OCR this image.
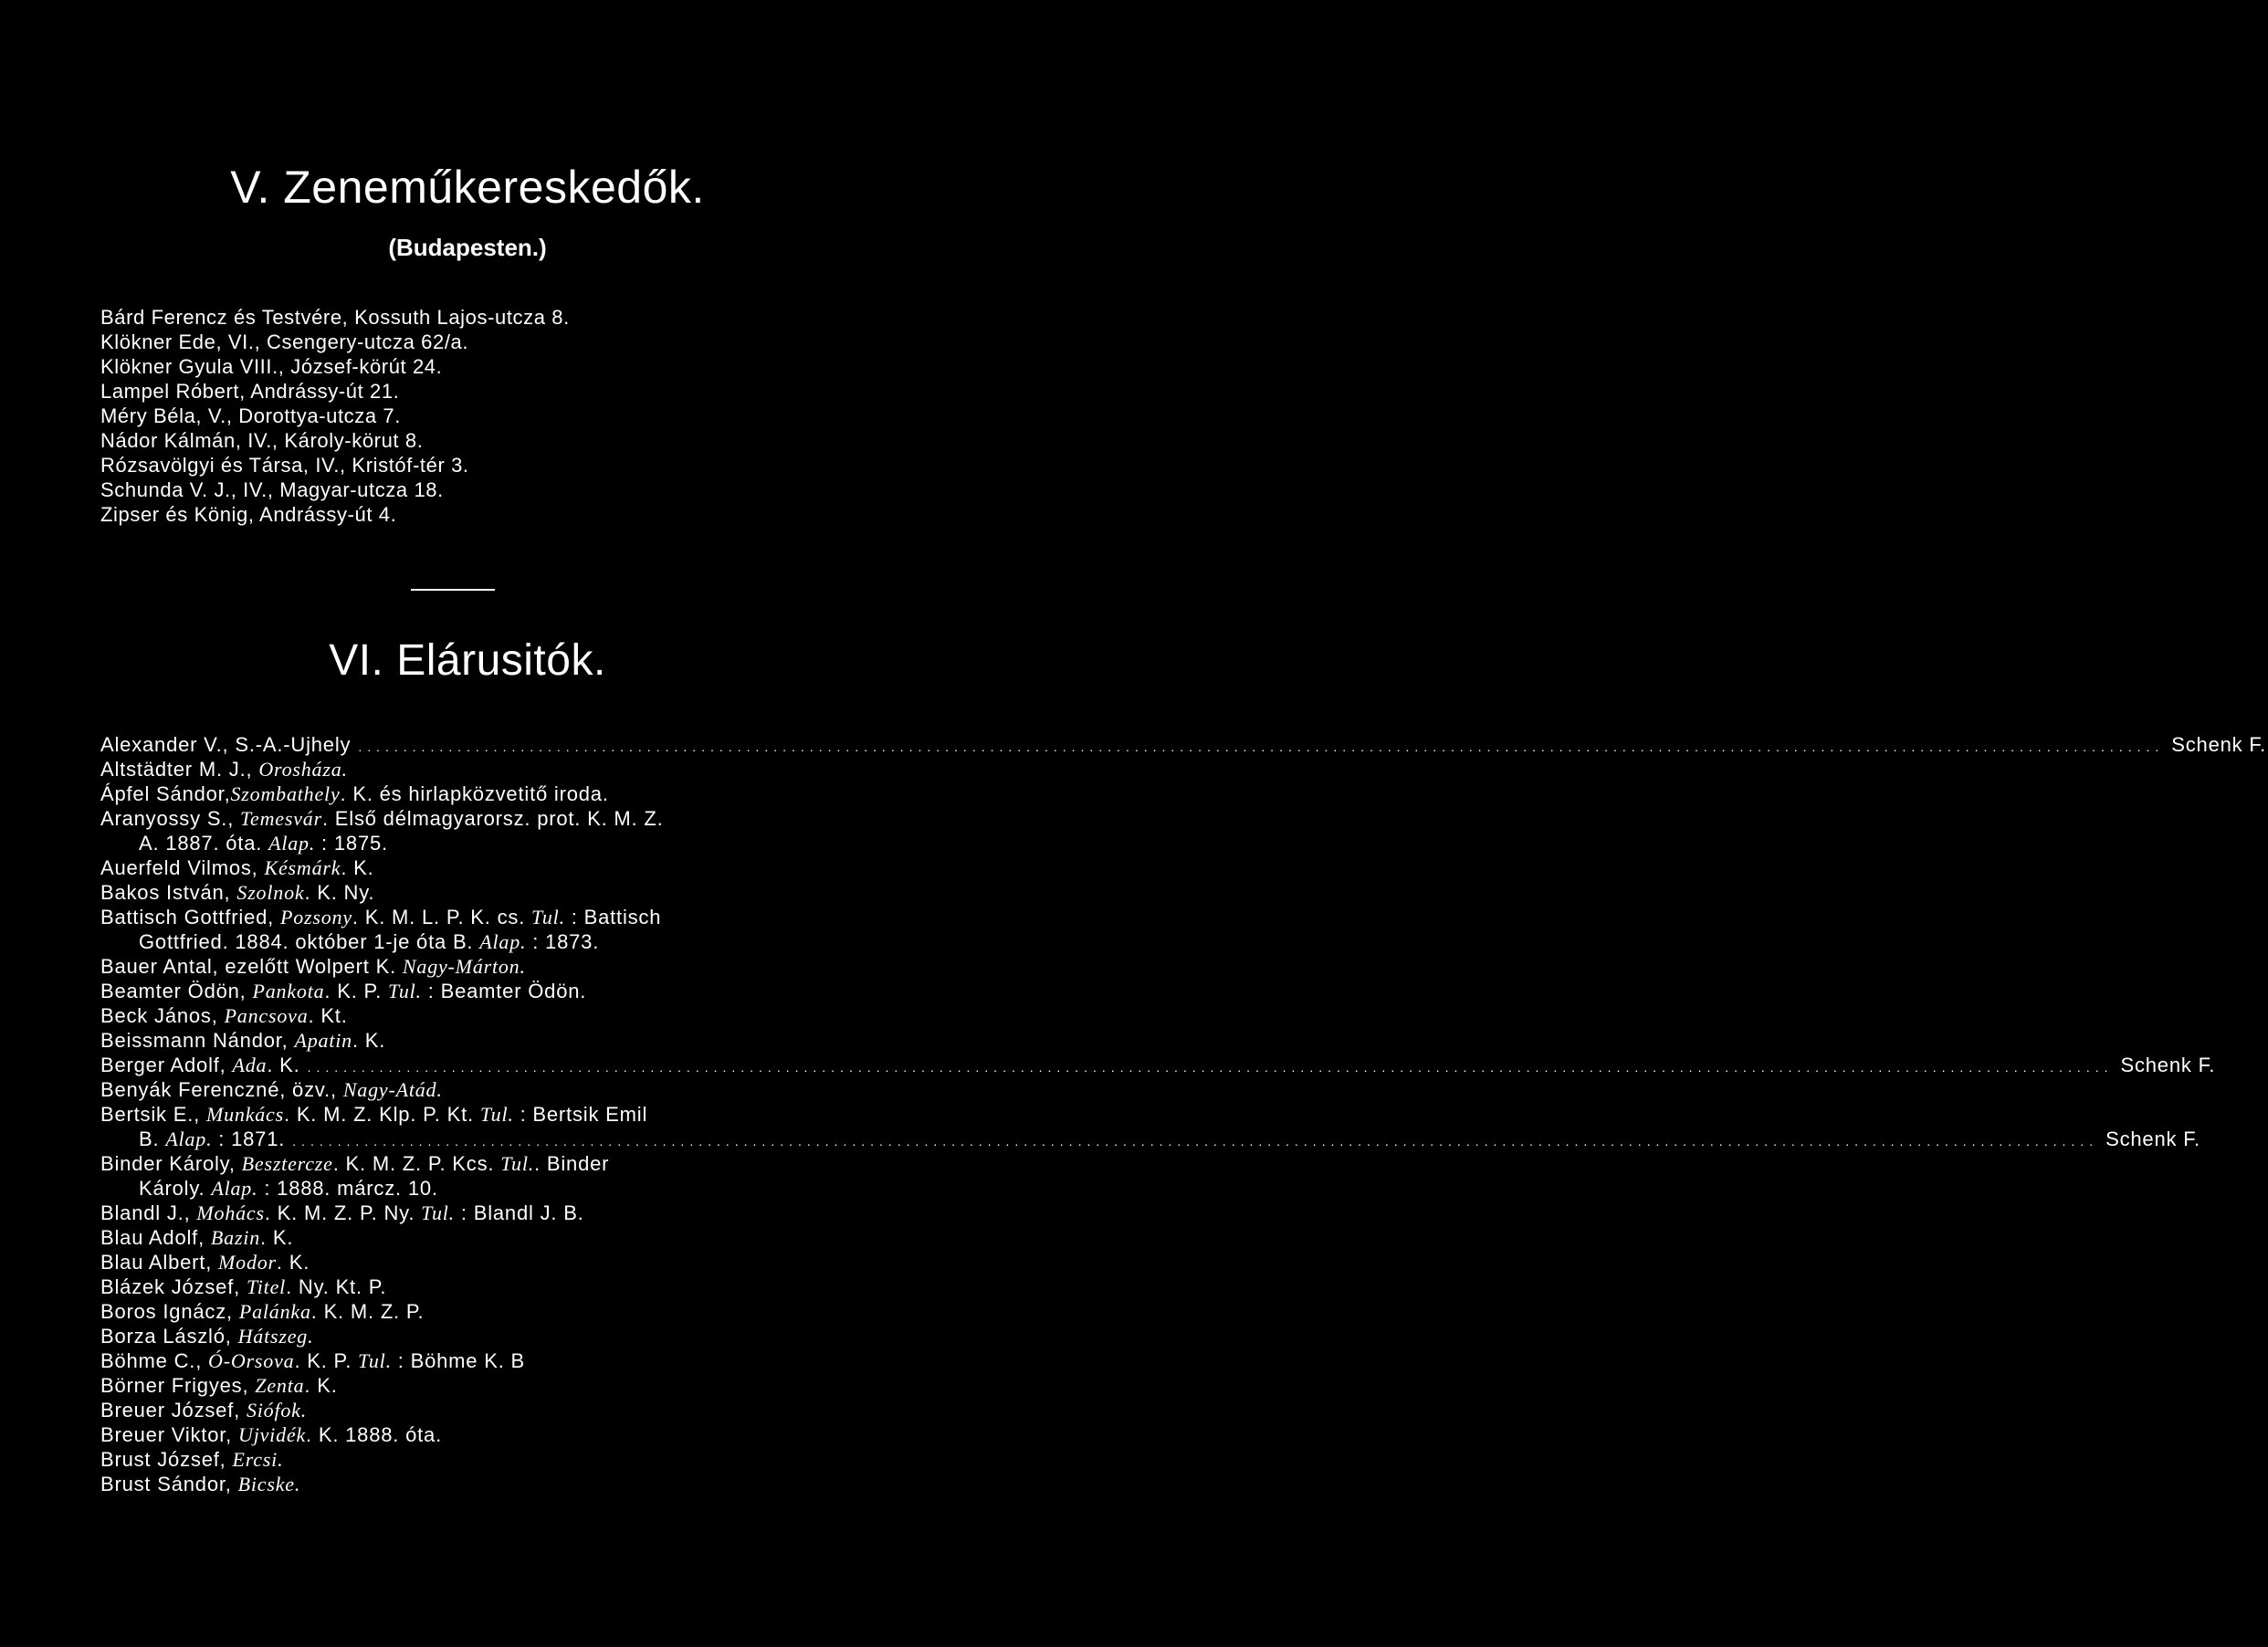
V. Zeneműkereskedők.
(Budapesten.)
Bárd Ferencz és Testvére, Kossuth Lajos-utcza 8.
Klökner Ede, VI., Csengery-utcza 62/a.
Klökner Gyula VIII., József-körút 24.
Lampel Róbert, Andrássy-út 21.
Méry Béla, V., Dorottya-utcza 7.
Nádor Kálmán, IV., Károly-körut 8.
Rózsavölgyi és Társa, IV., Kristóf-tér 3.
Schunda V. J., IV., Magyar-utcza 18.
Zipser és König, Andrássy-út 4.
VI. Elárusitók.
Alexander V., S.-A.-Ujhely ........................................................................................................................................................................................................ Schenk F.
Altstädter M. J., Orosháza.
Ápfel Sándor,Szombathely. K. és hirlapközvetitő iroda.
Aranyossy S., Temesvár. Első délmagyarorsz. prot. K. M. Z.
A. 1887. óta. Alap. : 1875.
Auerfeld Vilmos, Késmárk. K.
Bakos István, Szolnok. K. Ny.
Battisch Gottfried, Pozsony. K. M. L. P. K. cs. Tul. : Battisch
Gottfried. 1884. október 1-je óta B. Alap. : 1873.
Bauer Antal, ezelőtt Wolpert K. Nagy-Márton.
Beamter Ödön, Pankota. K. P. Tul. : Beamter Ödön.
Beck János, Pancsova. Kt.
Beissmann Nándor, Apatin. K.
Berger Adolf, Ada. K. ........................................................................................................................................................................................................ Schenk F.
Benyák Ferenczné, özv., Nagy-Atád.
Bertsik E., Munkács. K. M. Z. Klp. P. Kt. Tul. : Bertsik Emil
B. Alap. : 1871. ........................................................................................................................................................................................................ Schenk F.
Binder Károly, Beszterczе. K. M. Z. P. Kcs. Tul.. Binder
Károly. Alap. : 1888. márcz. 10.
Blandl J., Mohács. K. M. Z. P. Ny. Tul. : Blandl J. B.
Blau Adolf, Bazin. K.
Blau Albert, Modor. K.
Blázek József, Titel. Ny. Kt. P.
Boros Ignácz, Palánka. K. M. Z. P.
Borza László, Hátszeg.
Böhme C., Ó-Orsova. K. P. Tul. : Böhme K. B
Börner Frigyes, Zenta. K.
Breuer József, Siófok.
Breuer Viktor, Ujvidék. K. 1888. óta.
Brust József, Ercsi.
Brust Sándor, Bicske.
